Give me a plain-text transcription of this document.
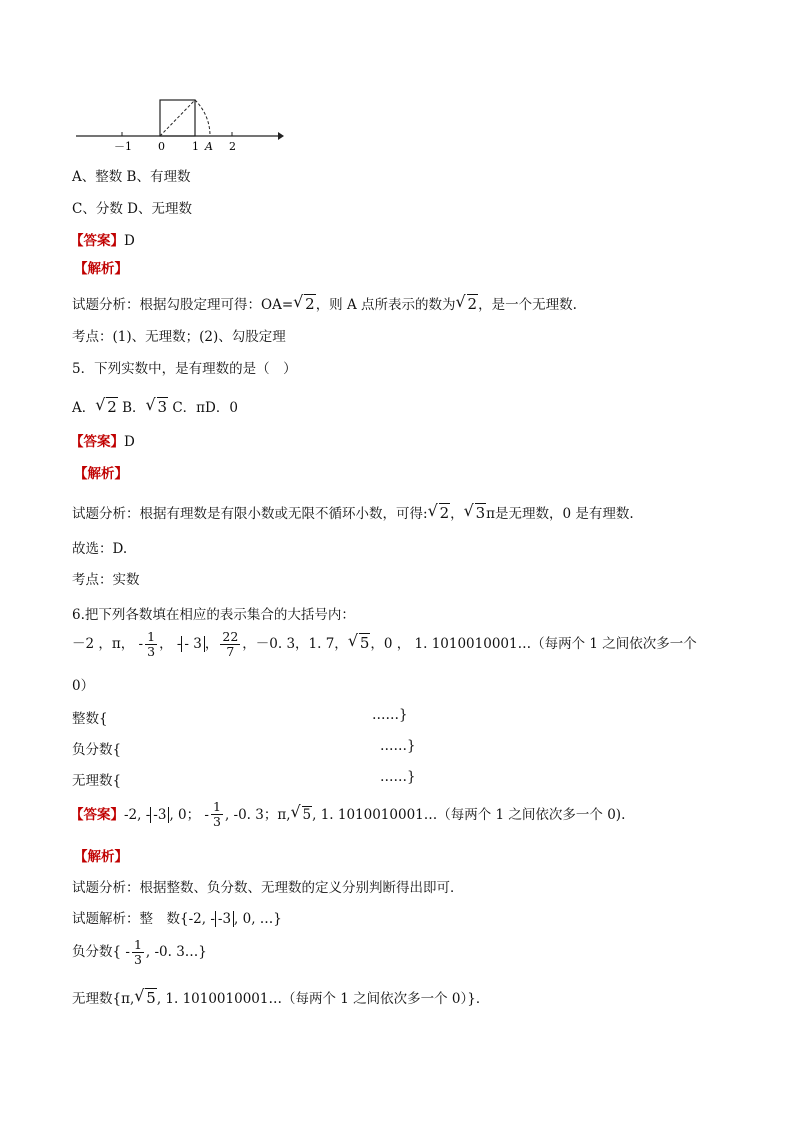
－1 0 1 A 2
A、整数 B、有理数
C、分数 D、无理数
【答案】D
【解析】
试题分析：根据勾股定理可得：OA= √ 2，则 A 点所表示的数为 √ 2，是一个无理数.
考点：(1)、无理数；(2)、勾股定理
5．下列实数中，是有理数的是（　）
A． √ 2 B． √ 3 C．πD．0
【答案】D
【解析】
试题分析：根据有理数是有限小数或无限不循环小数，可得: √ 2， √ 3π是无理数，0 是有理数.
故选：D.
考点：实数
6.把下列各数填在相应的表示集合的大括号内：
－2 ，π， - $\frac{1}{3}$ ， - - 3 ， $\frac{22}{7}$ ，－0. 3，1. 7， √ 5，0 ， 1. 1010010001…（每两个 1 之间依次多一个
0）
整数{	……}
负分数{	……}
无理数{	……}
【答案】-2, - -3 , 0； - $\frac{1}{3}$ , -0. 3；π, √ 5, 1. 1010010001…（每两个 1 之间依次多一个 0).
【解析】
试题分析：根据整数、负分数、无理数的定义分别判断得出即可．
试题解析：整　数{-2, - -3 , 0, …}
负分数{ - $\frac{1}{3}$ , -0. 3…}
无理数{π, √ 5, 1. 1010010001…（每两个 1 之间依次多一个 0）}．
